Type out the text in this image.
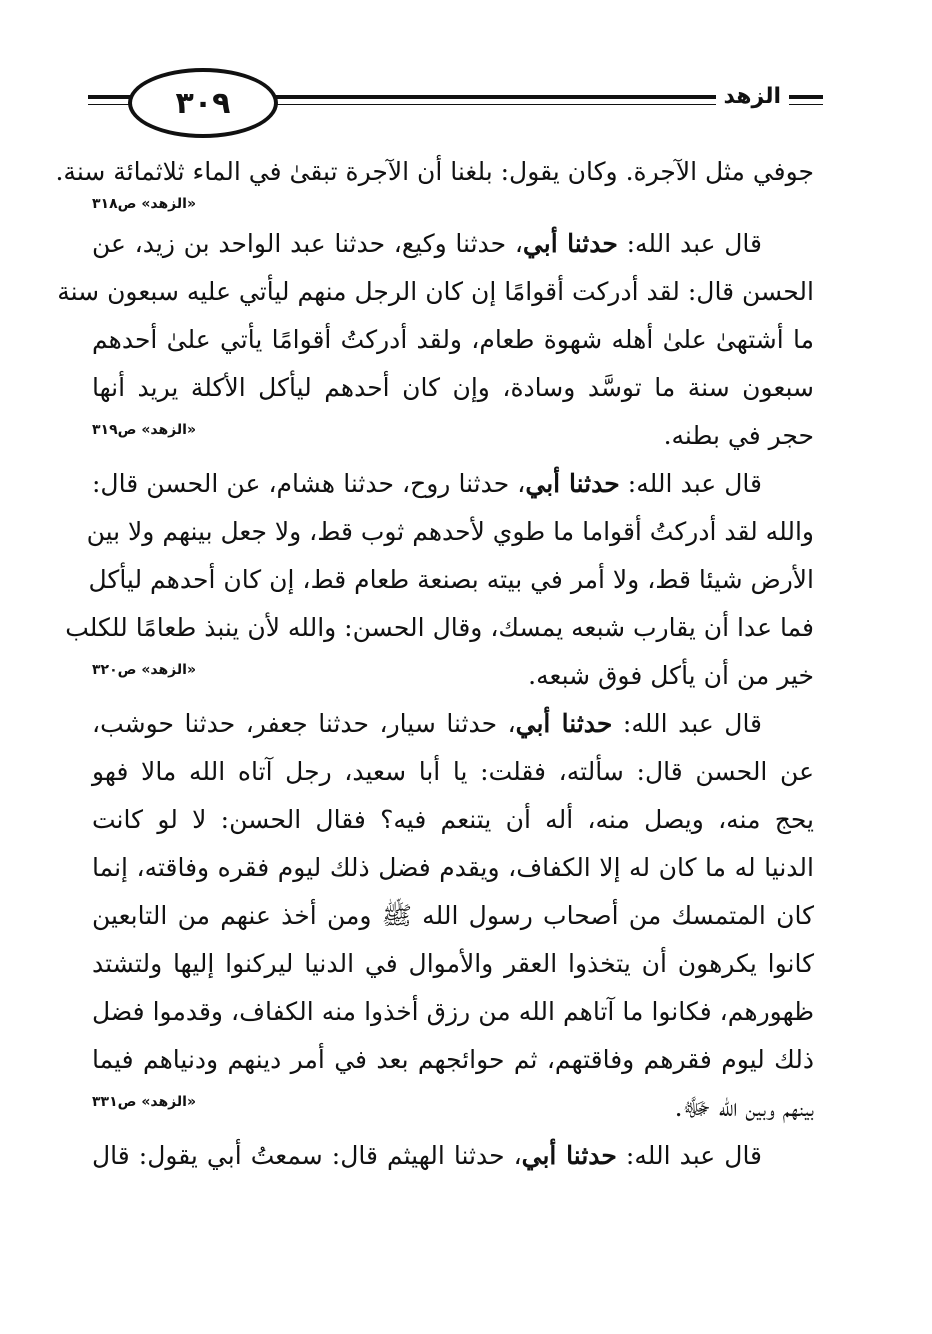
٣٠٩	الزهد
جوفي مثل الآجرة. وكان يقول: بلغنا أن الآجرة تبقىٰ في الماء ثلاثمائة سنة.
«الزهد» ص٣١٨
قال عبد الله: حدثنا أبي، حدثنا وكيع، حدثنا عبد الواحد بن زيد، عن
الحسن قال: لقد أدركت أقوامًا إن كان الرجل منهم ليأتي عليه سبعون سنة
ما أشتهىٰ علىٰ أهله شهوة طعام، ولقد أدركتُ أقوامًا يأتي علىٰ أحدهم
سبعون سنة ما توسَّد وسادة، وإن كان أحدهم ليأكل الأكلة يريد أنها
حجر في بطنه.
«الزهد» ص٣١٩
قال عبد الله: حدثنا أبي، حدثنا روح، حدثنا هشام، عن الحسن قال:
والله لقد أدركتُ أقواما ما طوي لأحدهم ثوب قط، ولا جعل بينهم ولا بين
الأرض شيئا قط، ولا أمر في بيته بصنعة طعام قط، إن كان أحدهم ليأكل
فما عدا أن يقارب شبعه يمسك، وقال الحسن: والله لأن ينبذ طعامًا للكلب
خير من أن يأكل فوق شبعه.
«الزهد» ص٣٢٠
قال عبد الله: حدثنا أبي، حدثنا سيار، حدثنا جعفر، حدثنا حوشب،
عن الحسن قال: سألته، فقلت: يا أبا سعيد، رجل آتاه الله مالا فهو
يحج منه، ويصل منه، أله أن يتنعم فيه؟ فقال الحسن: لا لو كانت
الدنيا له ما كان له إلا الكفاف، ويقدم فضل ذلك ليوم فقره وفاقته، إنما
كان المتمسك من أصحاب رسول الله ﷺ ومن أخذ عنهم من التابعين
كانوا يكرهون أن يتخذوا العقر والأموال في الدنيا ليركنوا إليها ولتشتد
ظهورهم، فكانوا ما آتاهم الله من رزق أخذوا منه الكفاف، وقدموا فضل
ذلك ليوم فقرهم وفاقتهم، ثم حوائجهم بعد في أمر دينهم ودنياهم فيما
بينهم وبين الله ﷻ.
«الزهد» ص٣٣١
قال عبد الله: حدثنا أبي، حدثنا الهيثم قال: سمعتُ أبي يقول: قال
